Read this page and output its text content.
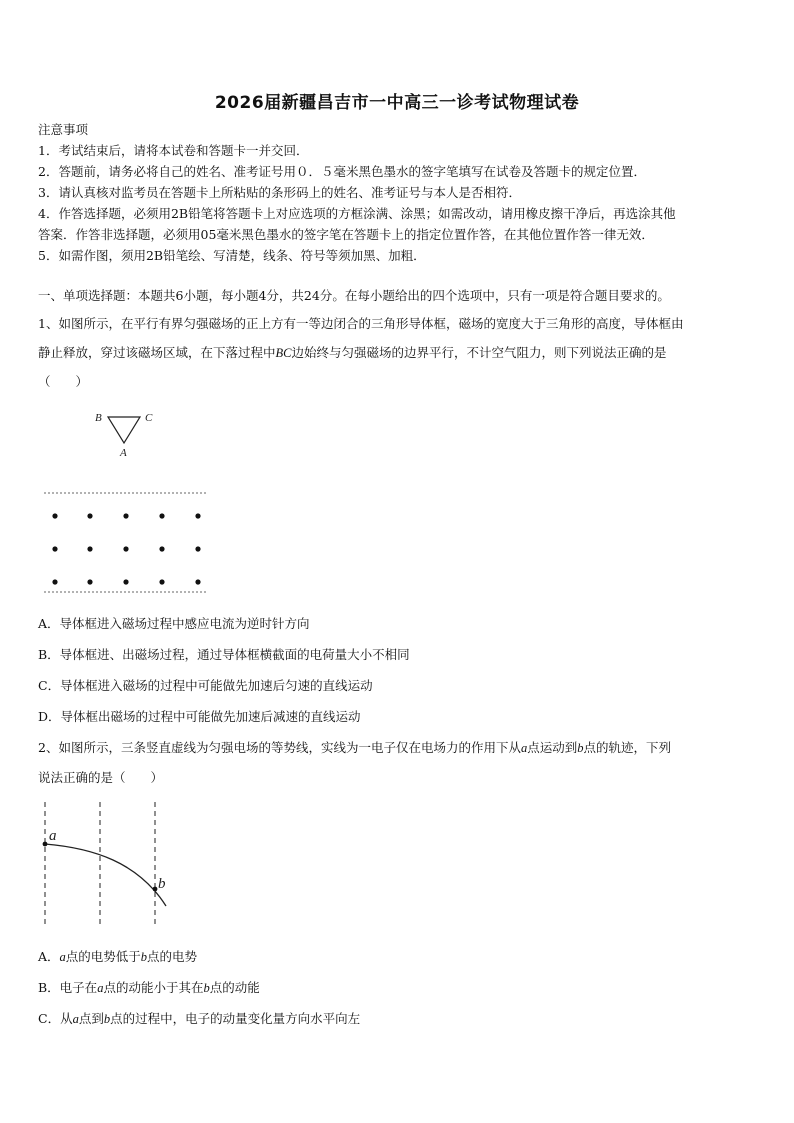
2026届新疆昌吉市一中高三一诊考试物理试卷
注意事项
1．考试结束后，请将本试卷和答题卡一并交回．
2．答题前，请务必将自己的姓名、准考证号用０．５毫米黑色墨水的签字笔填写在试卷及答题卡的规定位置．
3．请认真核对监考员在答题卡上所粘贴的条形码上的姓名、准考证号与本人是否相符．
4．作答选择题，必须用2B铅笔将答题卡上对应选项的方框涂满、涂黑；如需改动，请用橡皮擦干净后，再选涂其他
答案．作答非选择题，必须用05毫米黑色墨水的签字笔在答题卡上的指定位置作答，在其他位置作答一律无效．
5．如需作图，须用2B铅笔绘、写清楚，线条、符号等须加黑、加粗．
一、单项选择题：本题共6小题，每小题4分，共24分。在每小题给出的四个选项中，只有一项是符合题目要求的。
1、如图所示，在平行有界匀强磁场的正上方有一等边闭合的三角形导体框，磁场的宽度大于三角形的高度，导体框由
静止释放，穿过该磁场区域，在下落过程中BC边始终与匀强磁场的边界平行，不计空气阻力，则下列说法正确的是
（　　）
B	C
A
A．导体框进入磁场过程中感应电流为逆时针方向
B．导体框进、出磁场过程，通过导体框横截面的电荷量大小不相同
C．导体框进入磁场的过程中可能做先加速后匀速的直线运动
D．导体框出磁场的过程中可能做先加速后减速的直线运动
2、如图所示，三条竖直虚线为匀强电场的等势线，实线为一电子仅在电场力的作用下从a点运动到b点的轨迹，下列
说法正确的是（　　）
a
b
A．a点的电势低于b点的电势
B．电子在a点的动能小于其在b点的动能
C．从a点到b点的过程中，电子的动量变化量方向水平向左
